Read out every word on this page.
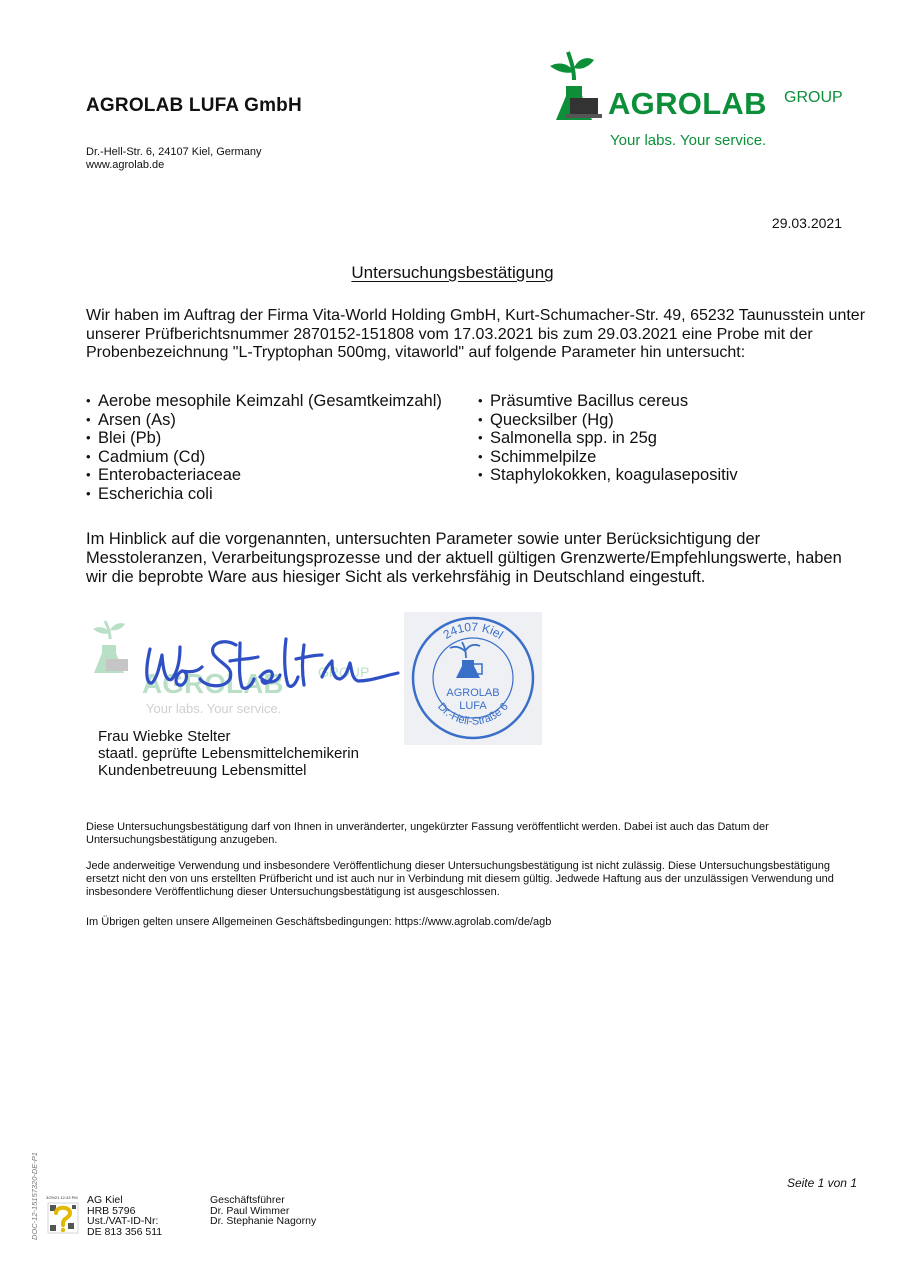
AGROLAB LUFA GmbH
Dr.-Hell-Str. 6, 24107 Kiel, Germany
www.agrolab.de
AGROLAB GROUP
Your labs. Your service.
29.03.2021
Untersuchungsbestätigung
Wir haben im Auftrag der Firma Vita-World Holding GmbH, Kurt-Schumacher-Str. 49, 65232 Taunusstein unter unserer Prüfberichtsnummer 2870152-151808 vom 17.03.2021 bis zum 29.03.2021 eine Probe mit der Probenbezeichnung "L-Tryptophan 500mg, vitaworld" auf folgende Parameter hin untersucht:
• Aerobe mesophile Keimzahl (Gesamtkeimzahl)
• Arsen (As)
• Blei (Pb)
• Cadmium (Cd)
• Enterobacteriaceae
• Escherichia coli
• Präsumtive Bacillus cereus
• Quecksilber (Hg)
• Salmonella spp. in 25g
• Schimmelpilze
• Staphylokokken, koagulasepositiv
Im Hinblick auf die vorgenannten, untersuchten Parameter sowie unter Berücksichtigung der Messtoleranzen, Verarbeitungsprozesse und der aktuell gültigen Grenzwerte/Empfehlungswerte, haben wir die beprobte Ware aus hiesiger Sicht als verkehrsfähig in Deutschland eingestuft.
AGROLAB GROUP
Your labs. Your service.
24107 Kiel
Dr.-Hell-Straße 6
AGROLAB
LUFA
Frau Wiebke Stelter
staatl. geprüfte Lebensmittelchemikerin
Kundenbetreuung Lebensmittel
Diese Untersuchungsbestätigung darf von Ihnen in unveränderter, ungekürzter Fassung veröffentlicht werden. Dabei ist auch das Datum der Untersuchungsbestätigung anzugeben.
Jede anderweitige Verwendung und insbesondere Veröffentlichung dieser Untersuchungsbestätigung ist nicht zulässig. Diese Untersuchungsbestätigung ersetzt nicht den von uns erstellten Prüfbericht und ist auch nur in Verbindung mit diesem gültig. Jedwede Haftung aus der unzulässigen Verwendung und insbesondere Veröffentlichung dieser Untersuchungsbestätigung ist ausgeschlossen.
Im Übrigen gelten unsere Allgemeinen Geschäftsbedingungen: https://www.agrolab.com/de/agb
Seite 1 von 1
DOC-12-15157320-DE-P1 3/29/21 12:43 PM AG Kiel
HRB 5796
Ust./VAT-ID-Nr:
DE 813 356 511
Geschäftsführer
Dr. Paul Wimmer
Dr. Stephanie Nagorny
